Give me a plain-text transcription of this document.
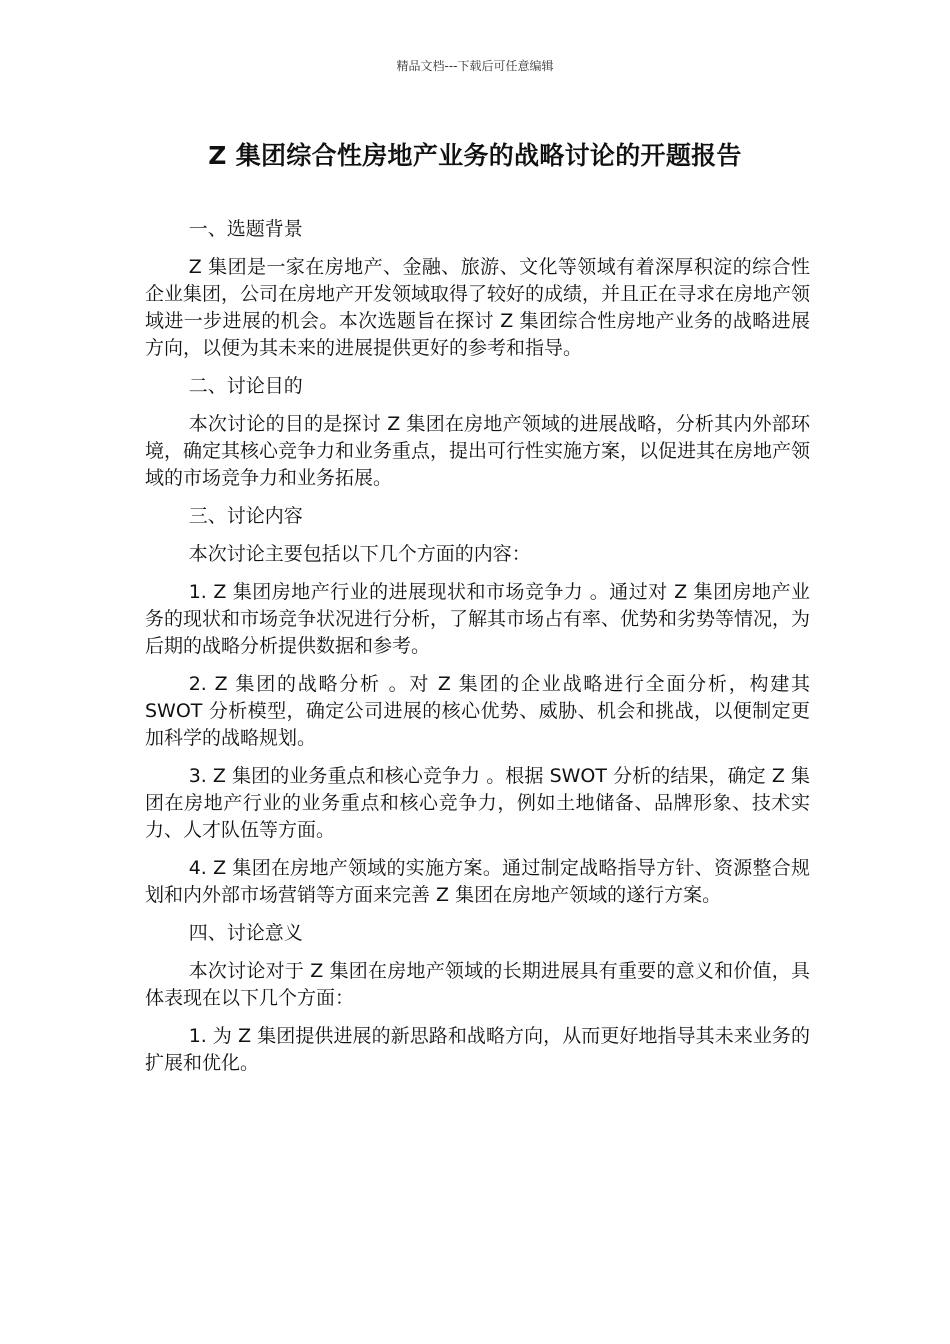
精品文档---下载后可任意编辑
Z 集团综合性房地产业务的战略讨论的开题报告

一、选题背景

Z 集团是一家在房地产、金融、旅游、文化等领域有着深厚积淀的综合性企业集团，公司在房地产开发领域取得了较好的成绩，并且正在寻求在房地产领域进一步进展的机会。本次选题旨在探讨 Z 集团综合性房地产业务的战略进展方向，以便为其未来的进展提供更好的参考和指导。

二、讨论目的

本次讨论的目的是探讨 Z 集团在房地产领域的进展战略，分析其内外部环境，确定其核心竞争力和业务重点，提出可行性实施方案，以促进其在房地产领域的市场竞争力和业务拓展。

三、讨论内容

本次讨论主要包括以下几个方面的内容：

1. Z 集团房地产行业的进展现状和市场竞争力 。通过对 Z 集团房地产业务的现状和市场竞争状况进行分析，了解其市场占有率、优势和劣势等情况，为后期的战略分析提供数据和参考。

2. Z 集团的战略分析 。对 Z 集团的企业战略进行全面分析，构建其 SWOT 分析模型，确定公司进展的核心优势、威胁、机会和挑战，以便制定更加科学的战略规划。

3. Z 集团的业务重点和核心竞争力 。根据 SWOT 分析的结果，确定 Z 集团在房地产行业的业务重点和核心竞争力，例如土地储备、品牌形象、技术实力、人才队伍等方面。

4. Z 集团在房地产领域的实施方案。通过制定战略指导方针、资源整合规划和内外部市场营销等方面来完善 Z 集团在房地产领域的遂行方案。

四、讨论意义

本次讨论对于 Z 集团在房地产领域的长期进展具有重要的意义和价值，具体表现在以下几个方面：

1. 为 Z 集团提供进展的新思路和战略方向，从而更好地指导其未来业务的扩展和优化。
